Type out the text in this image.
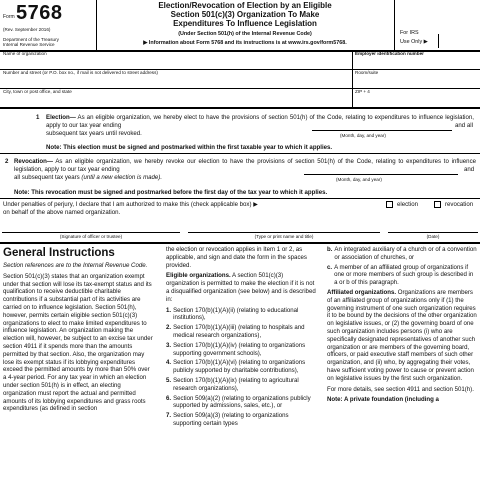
Form 5768
(Rev. September 2016)
Department of the Treasury
Internal Revenue Service
Election/Revocation of Election by an Eligible
Section 501(c)(3) Organization To Make
Expenditures To Influence Legislation
(Under Section 501(h) of the Internal Revenue Code)
▶ Information about Form 5768 and its instructions is at www.irs.gov/form5768.
For IRS
Use Only ▶
Name of organization	Employer identification number
Number and street (or P.O. box no., if mail is not delivered to street address)	Room/suite
City, town or post office, and state	ZIP + 4
1 Election— As an eligible organization, we hereby elect to have the provisions of section 501(h) of the Code, relating to expenditures to influence legislation, apply to our tax year ending	and all
subsequent tax years until revoked.	(Month, day, and year)
Note: This election must be signed and postmarked within the first taxable year to which it applies.
2 Revocation— As an eligible organization, we hereby revoke our election to have the provisions of section 501(h) of the Code, relating to expenditures to influence legislation, apply to our tax year ending	and
all subsequent tax years (until a new election is made).	(Month, day, and year)
Note: This revocation must be signed and postmarked before the first day of the tax year to which it applies.
Under penalties of perjury, I declare that I am authorized to make this (check applicable box) ▶	election	revocation
on behalf of the above named organization.
(Signature of officer or trustee)	(Type or print name and title)	(Date)
General Instructions

Section references are to the Internal Revenue Code.

Section 501(c)(3) states that an organization exempt under that section will lose its tax-exempt status and its qualification to receive deductible charitable contributions if a substantial part of its activities are carried on to influence legislation. Section 501(h), however, permits certain eligible section 501(c)(3) organizations to elect to make limited expenditures to influence legislation. An organization making the election will, however, be subject to an excise tax under section 4911 if it spends more than the amounts permitted by that section. Also, the organization may lose its exempt status if its lobbying expenditures exceed the permitted amounts by more than 50% over a 4-year period. For any tax year in which an election under section 501(h) is in effect, an electing organization must report the actual and permitted amounts of its lobbying expenditures and grass roots expenditures (as defined in section

the election or revocation applies in Item 1 or 2, as applicable, and sign and date the form in the spaces provided.

Eligible organizations. A section 501(c)(3) organization is permitted to make the election if it is not a disqualified organization (see below) and is described in:

1. Section 170(b)(1)(A)(ii) (relating to educational institutions),
2. Section 170(b)(1)(A)(iii) (relating to hospitals and medical research organizations),
3. Section 170(b)(1)(A)(iv) (relating to organizations supporting government schools),
4. Section 170(b)(1)(A)(vi) (relating to organizations publicly supported by charitable contributions),
5. Section 170(b)(1)(A)(ix) (relating to agricultural research organizations),
6. Section 509(a)(2) (relating to organizations publicly supported by admissions, sales, etc.), or
7. Section 509(a)(3) (relating to organizations supporting certain types
b. An integrated auxiliary of a church or of a convention or association of churches, or
c. A member of an affiliated group of organizations if one or more members of such group is described in a or b of this paragraph.

Affiliated organizations. Organizations are members of an affiliated group of organizations only if (1) the governing instrument of one such organization requires it to be bound by the decisions of the other organization on legislative issues, or (2) the governing board of one such organization includes persons (i) who are specifically designated representatives of another such organization or are members of the governing board, officers, or paid executive staff members of such other organization, and (ii) who, by aggregating their votes, have sufficient voting power to cause or prevent action on legislative issues by the first such organization.

For more details, see section 4911 and section 501(h).

Note: A private foundation (including a
